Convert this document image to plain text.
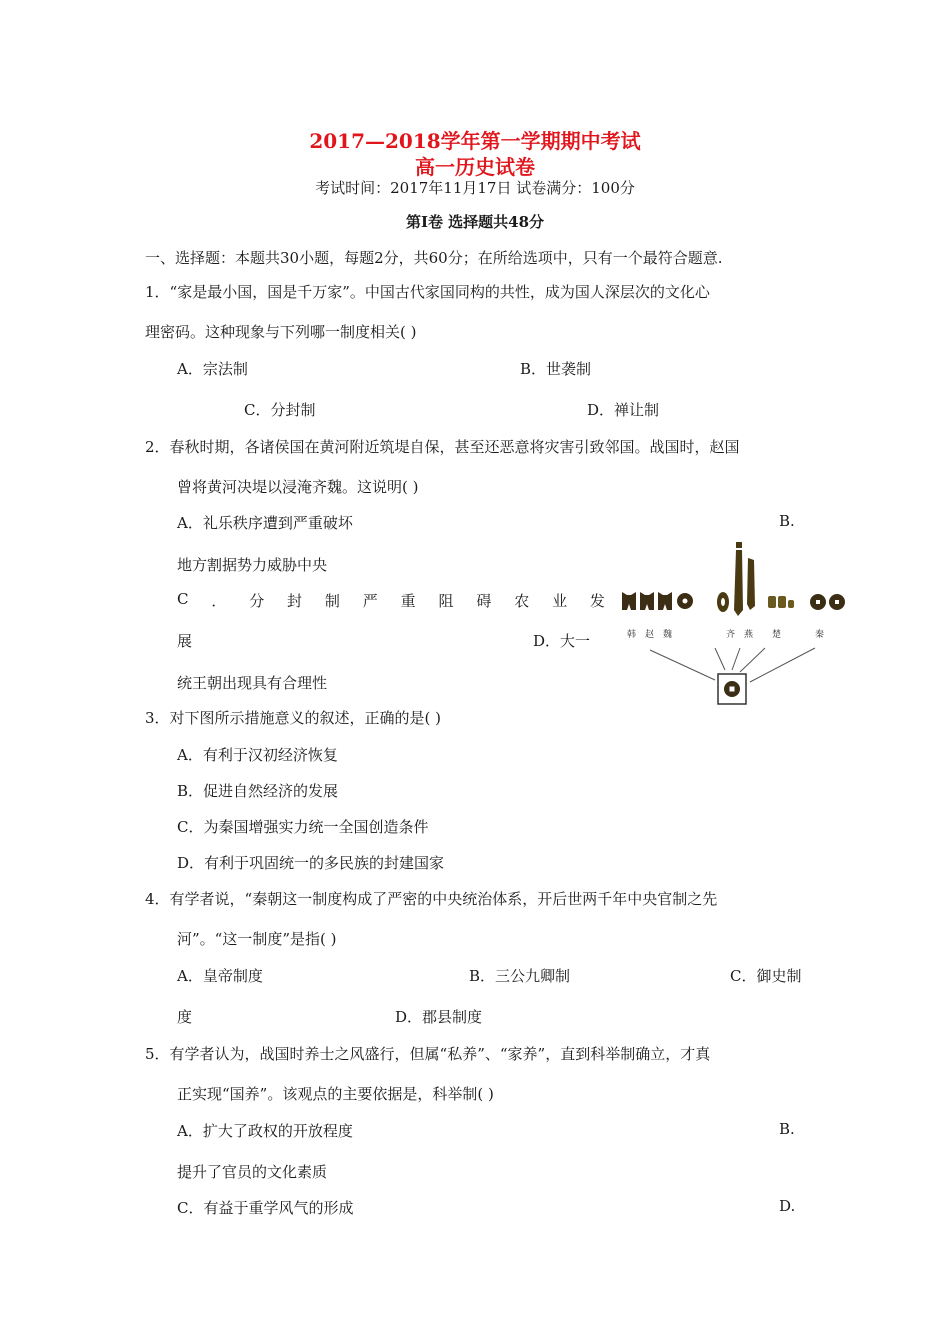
2017—2018学年第一学期期中考试
高一历史试卷
考试时间：2017年11月17日 试卷满分：100分
第Ⅰ卷 选择题共48分
一、选择题：本题共30小题，每题2分，共60分；在所给选项中，只有一个最符合题意.
1．“家是最小国，国是千万家”。中国古代家国同构的共性，成为国人深层次的文化心
理密码。这种现象与下列哪一制度相关( )
A．宗法制	B．世袭制
C．分封制	D．禅让制
2．春秋时期，各诸侯国在黄河附近筑堤自保，甚至还恶意将灾害引致邻国。战国时，赵国
曾将黄河决堤以浸淹齐魏。这说明( )
A．礼乐秩序遭到严重破坏	B.
地方割据势力威胁中央
C ． 分 封 制 严 重 阻 碍 农 业 发
展	D．大一
统王朝出现具有合理性
韩 赵 魏	齐 燕 楚	秦
3．对下图所示措施意义的叙述，正确的是( )
A．有利于汉初经济恢复
B．促进自然经济的发展
C．为秦国增强实力统一全国创造条件
D．有利于巩固统一的多民族的封建国家
4．有学者说，“秦朝这一制度构成了严密的中央统治体系，开后世两千年中央官制之先
河”。“这一制度”是指( )
A．皇帝制度	B．三公九卿制	C．御史制
度	D．郡县制度
5．有学者认为，战国时养士之风盛行，但属“私养”、“家养”，直到科举制确立，才真
正实现“国养”。该观点的主要依据是，科举制( )
A．扩大了政权的开放程度	B.
提升了官员的文化素质
C．有益于重学风气的形成	D.
